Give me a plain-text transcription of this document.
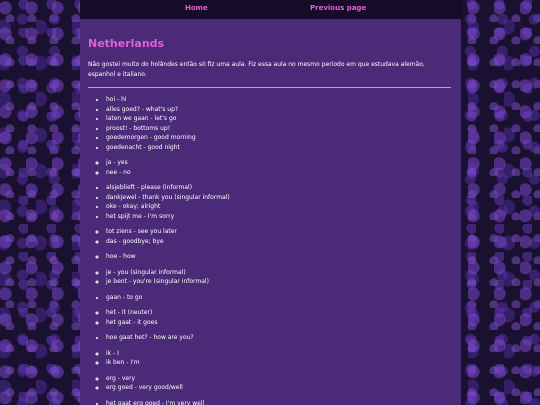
Home	Previous page
Netherlands

Não gostei muito do holândes então só fiz uma aula. Fiz essa aula no mesmo periodo em que estudava alemão, espanhol e italiano.

• hoi - hi
• alles goed? - what's up?
• laten we gaan - let's go
• proost! - bottoms up!
• goedemorgen - good morning
• goedenacht - good night
◦ ja - yes
◦ nee - no
• alsjeblieft - please (informal)
• dankjewel - thank you (singular informal)
• oke - okay; alright
• het spijt me - I'm sorry
◦ tot ziens - see you later
◦ das - goodbye; bye
◦ hoe - how
◦ je - you (singular informal)
◦ je bent - you're (singular informal)
• gaan - to go
◦ het - it (neuter)
◦ het gaat - it goes
• hoe gaat het? - how are you?
◦ ik - I
◦ ik ben - I'm
◦ erg - very
◦ erg goed - very good/well
• het gaat erg goed - I'm very well
